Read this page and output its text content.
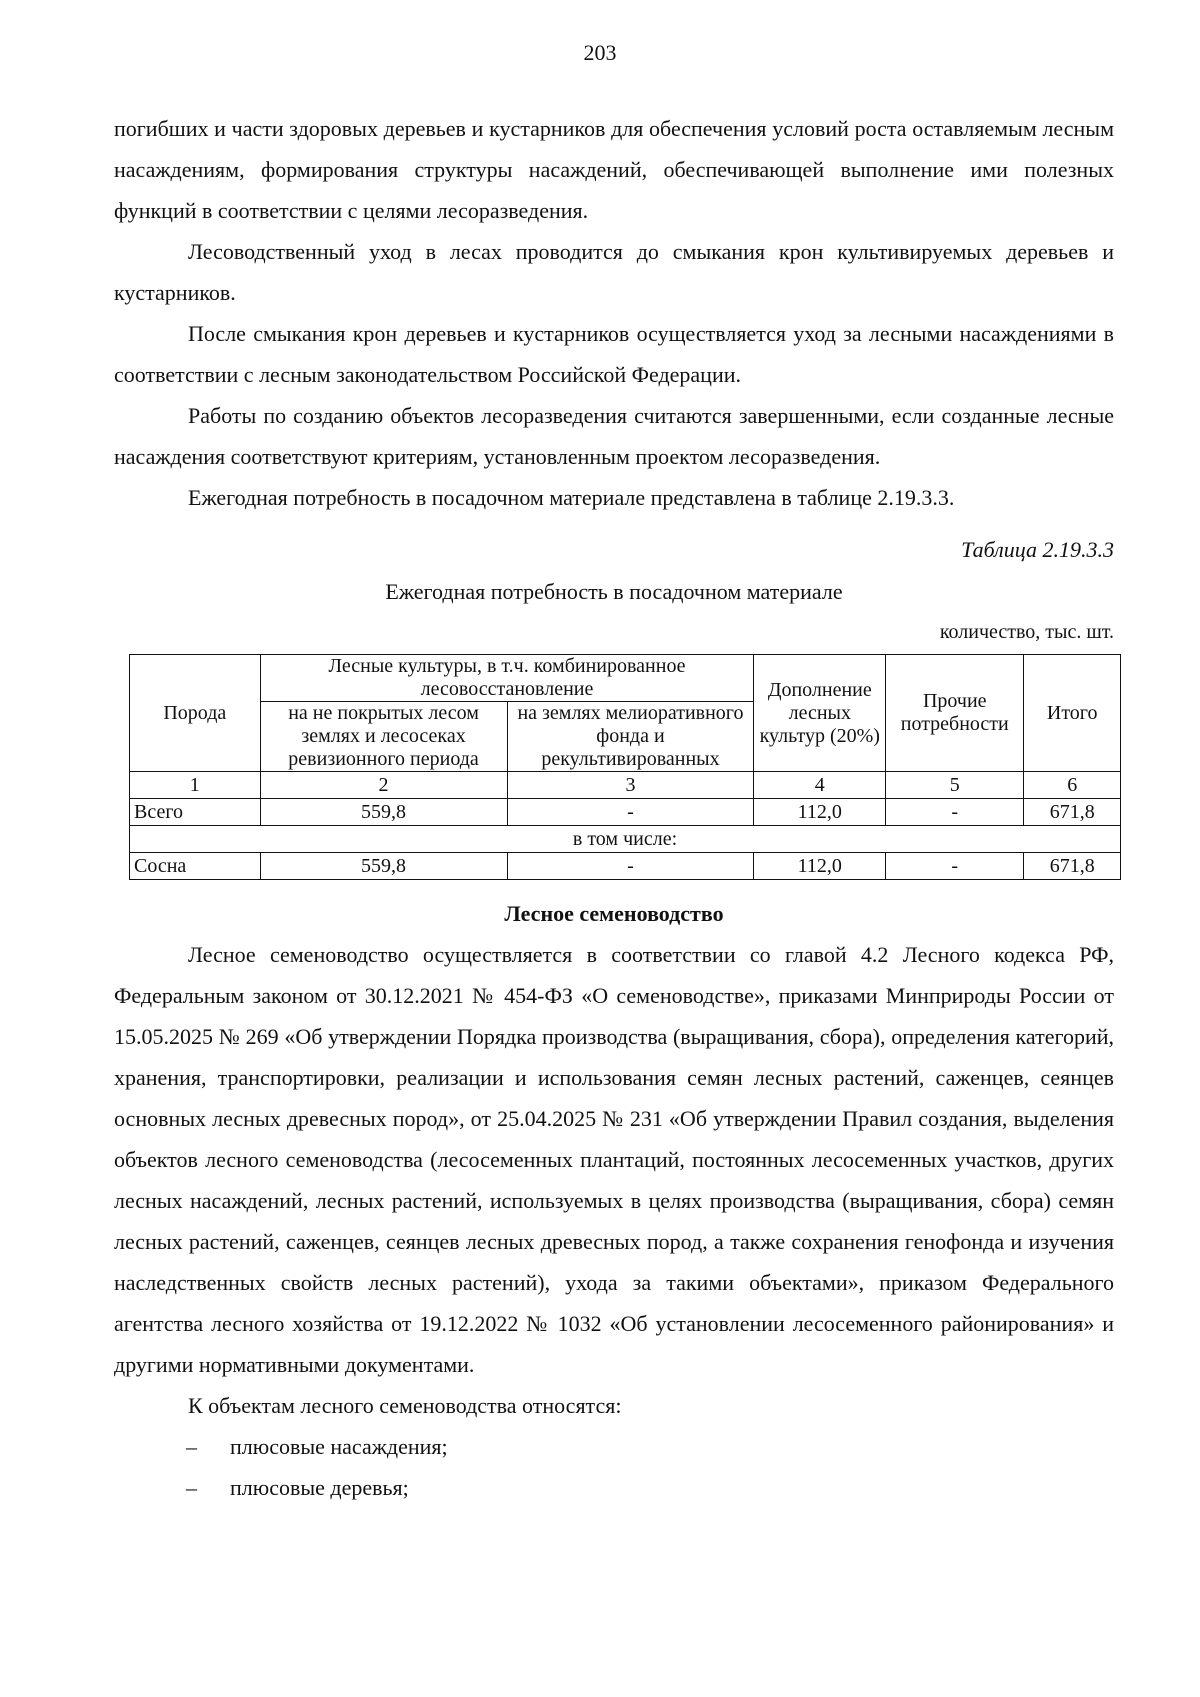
203

погибших и части здоровых деревьев и кустарников для обеспечения условий роста оставляемым лесным насаждениям, формирования структуры насаждений, обеспечивающей выполнение ими полезных функций в соответствии с целями лесоразведения.

Лесоводственный уход в лесах проводится до смыкания крон культивируемых деревьев и кустарников.

После смыкания крон деревьев и кустарников осуществляется уход за лесными насаждениями в соответствии с лесным законодательством Российской Федерации.

Работы по созданию объектов лесоразведения считаются завершенными, если созданные лесные насаждения соответствуют критериям, установленным проектом лесоразведения.

Ежегодная потребность в посадочном материале представлена в таблице 2.19.3.3.

Таблица 2.19.3.3

Ежегодная потребность в посадочном материале

количество, тыс. шт.

Порода	Лесные культуры, в т.ч. комбинированное лесовосстановление		Дополнение лесных культур (20%)	Прочие потребности	Итого
	на не покрытых лесом землях и лесосеках ревизионного периода	на землях мелиоративного фонда и рекультивированных			
1	2	3	4	5	6
Всего	559,8	-	112,0	-	671,8
в том числе:					
Сосна	559,8	-	112,0	-	671,8

Лесное семеноводство

Лесное семеноводство осуществляется в соответствии со главой 4.2 Лесного кодекса РФ, Федеральным законом от 30.12.2021 № 454-ФЗ «О семеноводстве», приказами Минприроды России от 15.05.2025 № 269 «Об утверждении Порядка производства (выращивания, сбора), определения категорий, хранения, транспортировки, реализации и использования семян лесных растений, саженцев, сеянцев основных лесных древесных пород», от 25.04.2025 № 231 «Об утверждении Правил создания, выделения объектов лесного семеноводства (лесосеменных плантаций, постоянных лесосеменных участков, других лесных насаждений, лесных растений, используемых в целях производства (выращивания, сбора) семян лесных растений, саженцев, сеянцев лесных древесных пород, а также сохранения генофонда и изучения наследственных свойств лесных растений), ухода за такими объектами», приказом Федерального агентства лесного хозяйства от 19.12.2022 № 1032 «Об установлении лесосеменного районирования» и другими нормативными документами.

К объектам лесного семеноводства относятся:

– плюсовые насаждения;

– плюсовые деревья;
